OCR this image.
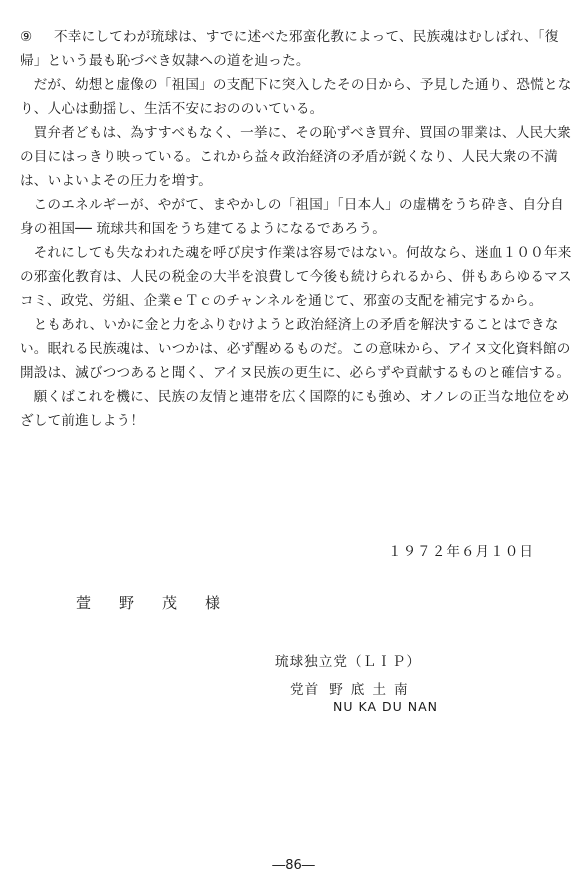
⑨ 不幸にしてわが琉球は、すでに述べた邪蛮化教によって、民族魂はむしばれ、「復帰」という最も恥づべき奴隷への道を辿った。

だが、幼想と虚像の「祖国」の支配下に突入したその日から、予見した通り、恐慌となり、人心は動揺し、生活不安におののいている。

買弁者どもは、為すすべもなく、一挙に、その恥ずべき買弁、買国の罪業は、人民大衆の目にはっきり映っている。これから益々政治経済の矛盾が鋭くなり、人民大衆の不満は、いよいよその圧力を増す。

このエネルギーが、やがて、まやかしの「祖国」「日本人」の虚構をうち砕き、自分自身の祖国── 琉球共和国をうち建てるようになるであろう。

それにしても失なわれた魂を呼び戻す作業は容易ではない。何故なら、迷血１００年来の邪蛮化教育は、人民の税金の大半を浪費して今後も続けられるから、併もあらゆるマスコミ、政党、労組、企業ｅＴｃのチャンネルを通じて、邪蛮の支配を補完するから。

ともあれ、いかに金と力をふりむけようと政治経済上の矛盾を解決することはできない。眠れる民族魂は、いつかは、必ず醒めるものだ。この意味から、アイヌ文化資料館の開設は、滅びつつあると聞く、アイヌ民族の更生に、必らずや貢献するものと確信する。

願くばこれを機に、民族の友情と連帯を広く国際的にも強め、オノレの正当な地位をめざして前進しよう！

１９７２年６月１０日
萱 野 茂 様
琉球独立党（ＬＩＰ）
党首 野底土南
NU KA DU NAN
―86―
